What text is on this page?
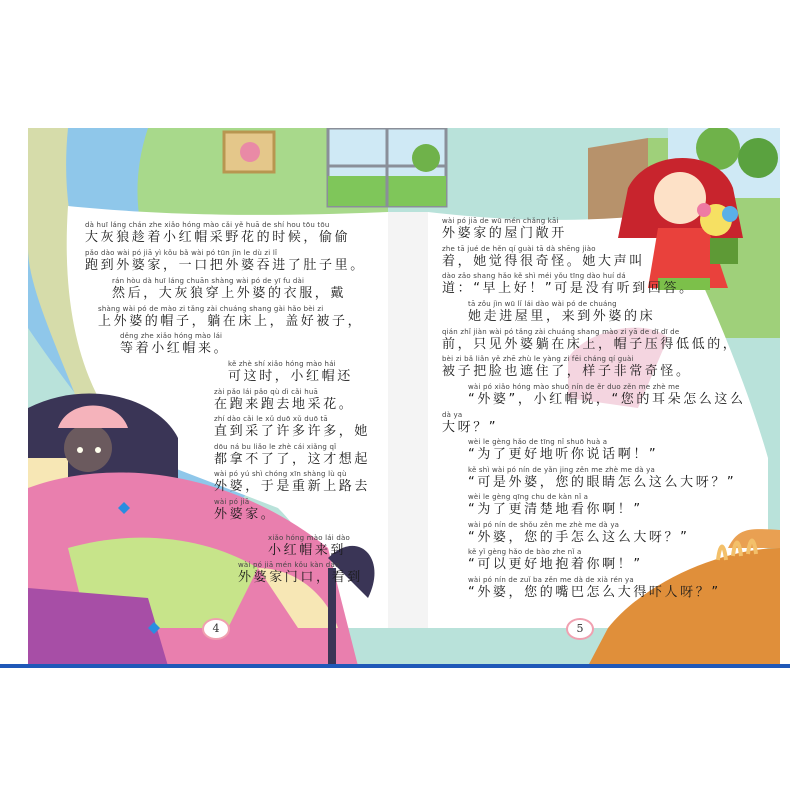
4	5
dà huī láng chán zhe xiǎo hóng mào cǎi yě huā de shí hou tōu tōu
大灰狼趁着小红帽采野花的时候，偷偷
pǎo dào wài pó jiā yì kǒu bǎ wài pó tūn jìn le dù zi lǐ
跑到外婆家，一口把外婆吞进了肚子里。
rán hòu dà huī láng chuān shàng wài pó de yī fu dài
然后，大灰狼穿上外婆的衣服，戴
shàng wài pó de mào zi tǎng zài chuáng shang gài hǎo bèi zi
上外婆的帽子，躺在床上，盖好被子，
děng zhe xiǎo hóng mào lái
等着小红帽来。
kě zhè shí xiǎo hóng mào hái
可这时，小红帽还
zài pǎo lái pǎo qù dì cǎi huā
在跑来跑去地采花。
zhí dào cǎi le xǔ duō xǔ duō tā
直到采了许多许多，她
dōu ná bu liǎo le zhè cái xiǎng qǐ
都拿不了了，这才想起
wài pó yú shì chóng xīn shàng lù qù
外婆，于是重新上路去
wài pó jiā
外婆家。
xiǎo hóng mào lái dào
小红帽来到
wài pó jiā mén kǒu kàn dào
外婆家门口，看到
wài pó jiā de wū mén chǎng kāi
外婆家的屋门敞开
zhe tā jué de hěn qí guài tā dà shēng jiào
着，她觉得很奇怪。她大声叫
dào zǎo shang hǎo kě shì méi yǒu tīng dào huí dá
道：“早上好！”可是没有听到回答。
tā zǒu jìn wū lǐ lái dào wài pó de chuáng
她走进屋里，来到外婆的床
qián zhǐ jiàn wài pó tǎng zài chuáng shang mào zi yā de dī dī de
前，只见外婆躺在床上，帽子压得低低的，
bèi zi bǎ liǎn yě zhē zhù le yàng zi fēi cháng qí guài
被子把脸也遮住了，样子非常奇怪。
wài pó xiǎo hóng mào shuō nín de ěr duo zěn me zhè me
“外婆”，小红帽说，“您的耳朵怎么这么
dà ya
大呀？”
wèi le gèng hǎo de tīng nǐ shuō huà a
“为了更好地听你说话啊！”
kě shì wài pó nín de yǎn jing zěn me zhè me dà ya
“可是外婆，您的眼睛怎么这么大呀？”
wèi le gèng qīng chu de kàn nǐ a
“为了更清楚地看你啊！”
wài pó nín de shǒu zěn me zhè me dà ya
“外婆，您的手怎么这么大呀？”
kě yǐ gèng hǎo de bào zhe nǐ a
“可以更好地抱着你啊！”
wài pó nín de zuǐ ba zěn me dà de xià rén ya
“外婆，您的嘴巴怎么大得吓人呀？”
